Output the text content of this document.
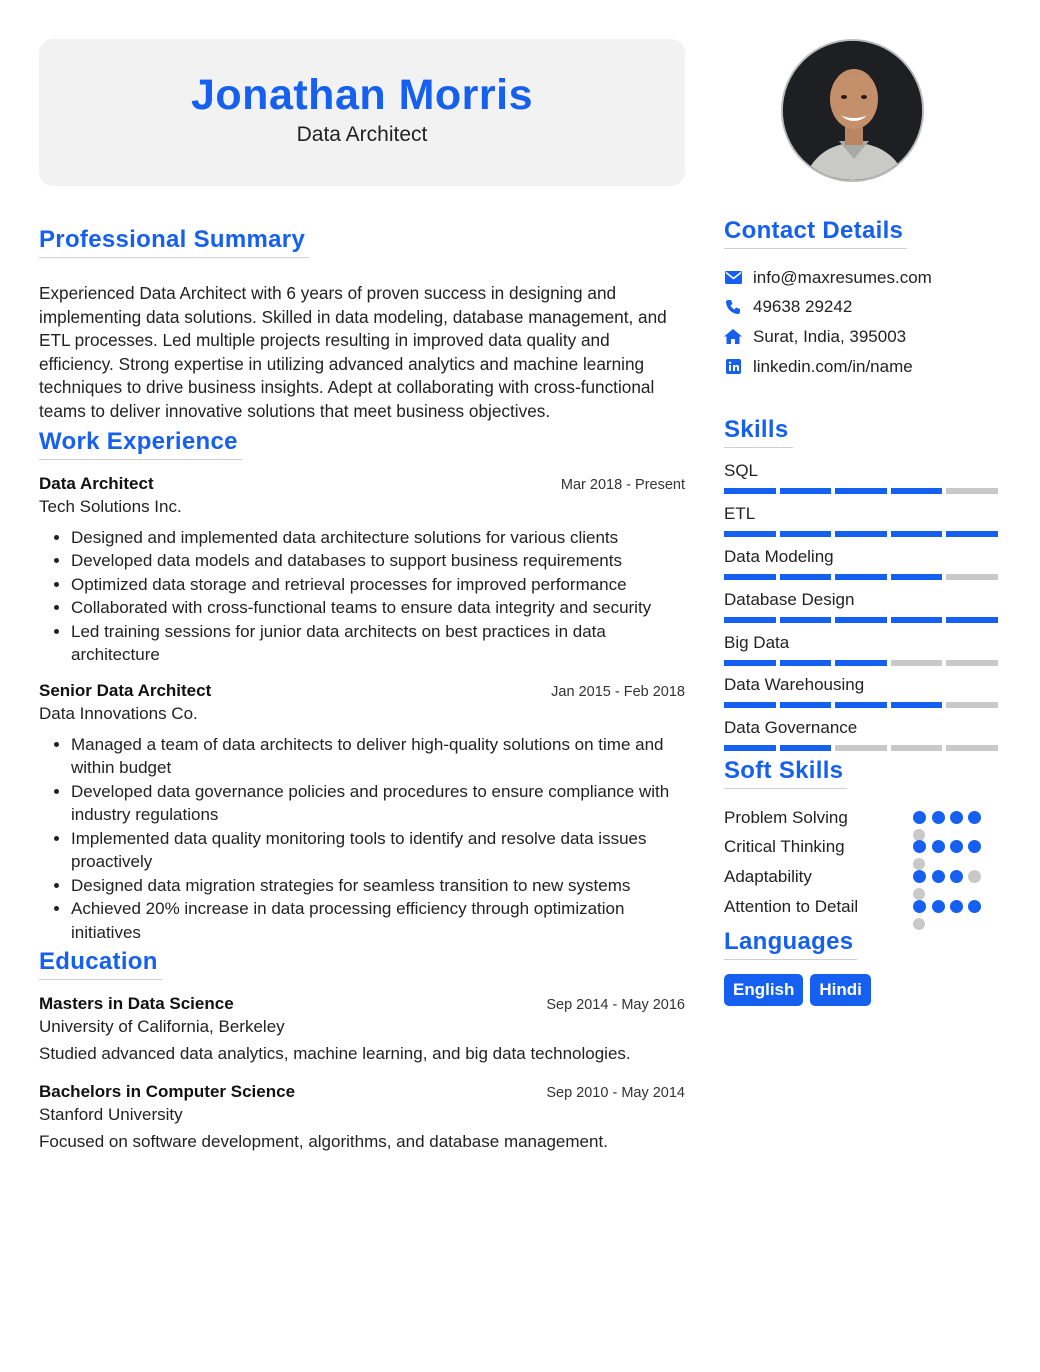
Jonathan Morris
Data Architect
Professional Summary

Experienced Data Architect with 6 years of proven success in designing and implementing data solutions. Skilled in data modeling, database management, and ETL processes. Led multiple projects resulting in improved data quality and efficiency. Strong expertise in utilizing advanced analytics and machine learning techniques to drive business insights. Adept at collaborating with cross-functional teams to deliver innovative solutions that meet business objectives.

Work Experience
Data Architect	Mar 2018 - Present
Tech Solutions Inc.
• Designed and implemented data architecture solutions for various clients
• Developed data models and databases to support business requirements
• Optimized data storage and retrieval processes for improved performance
• Collaborated with cross-functional teams to ensure data integrity and security
• Led training sessions for junior data architects on best practices in data architecture
Senior Data Architect	Jan 2015 - Feb 2018
Data Innovations Co.
• Managed a team of data architects to deliver high-quality solutions on time and within budget
• Developed data governance policies and procedures to ensure compliance with industry regulations
• Implemented data quality monitoring tools to identify and resolve data issues proactively
• Designed data migration strategies for seamless transition to new systems
• Achieved 20% increase in data processing efficiency through optimization initiatives
Education
Masters in Data Science	Sep 2014 - May 2016
University of California, Berkeley
Studied advanced data analytics, machine learning, and big data technologies.
Bachelors in Computer Science	Sep 2010 - May 2014
Stanford University
Focused on software development, algorithms, and database management.
Contact Details
info@maxresumes.com
49638 29242
Surat, India, 395003
linkedin.com/in/name
Skills
SQL
ETL
Data Modeling
Database Design
Big Data
Data Warehousing
Data Governance
Soft Skills
Problem Solving
Critical Thinking
Adaptability
Attention to Detail
Languages
English	Hindi
